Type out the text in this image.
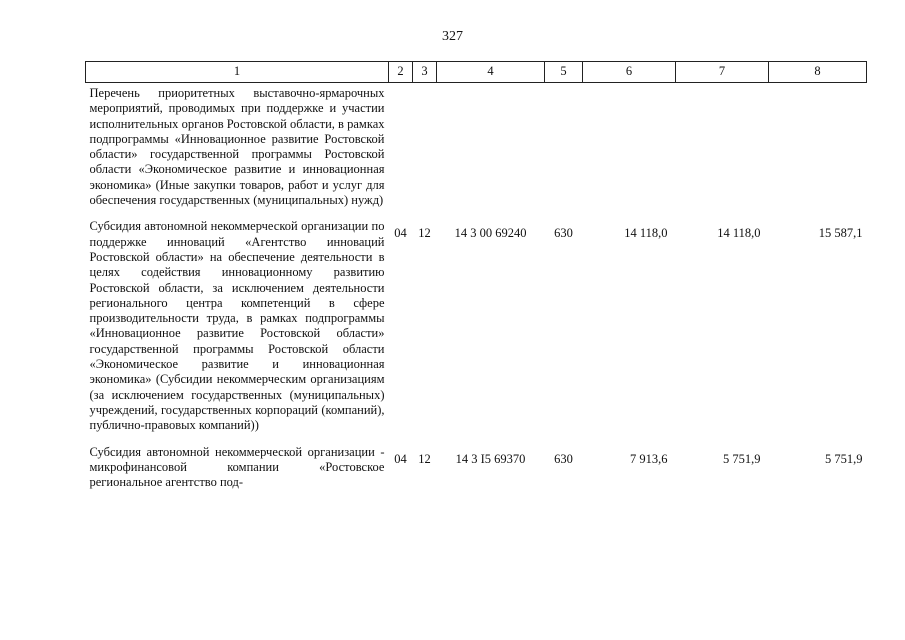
327
1	2	3	4	5	6	7	8
Перечень приоритетных выставочно-ярмарочных мероприятий, проводимых при поддержке и участии исполнительных органов Ростовской области, в рамках подпрограммы «Инновационное развитие Ростовской области» государственной программы Ростовской области «Экономическое развитие и инновационная экономика» (Иные закупки товаров, работ и услуг для обеспечения государственных (муниципальных) нужд)							
Субсидия автономной некоммерческой организации по поддержке инноваций «Агентство инноваций Ростовской области» на обеспечение деятельности в целях содействия инновационному развитию Ростовской области, за исключением деятельности регионального центра компетенций в сфере производительности труда, в рамках подпрограммы «Инновационное развитие Ростовской области» государственной программы Ростовской области «Экономическое развитие и инновационная экономика» (Субсидии некоммерческим организациям (за исключением государственных (муниципальных) учреждений, государственных корпораций (компаний), публично-правовых компаний))	04	12	14 3 00 69240	630	14 118,0	14 118,0	15 587,1
Субсидия автономной некоммерческой организации - микрофинансовой компании «Ростовское региональное агентство под-	04	12	14 3 I5 69370	630	7 913,6	5 751,9	5 751,9
